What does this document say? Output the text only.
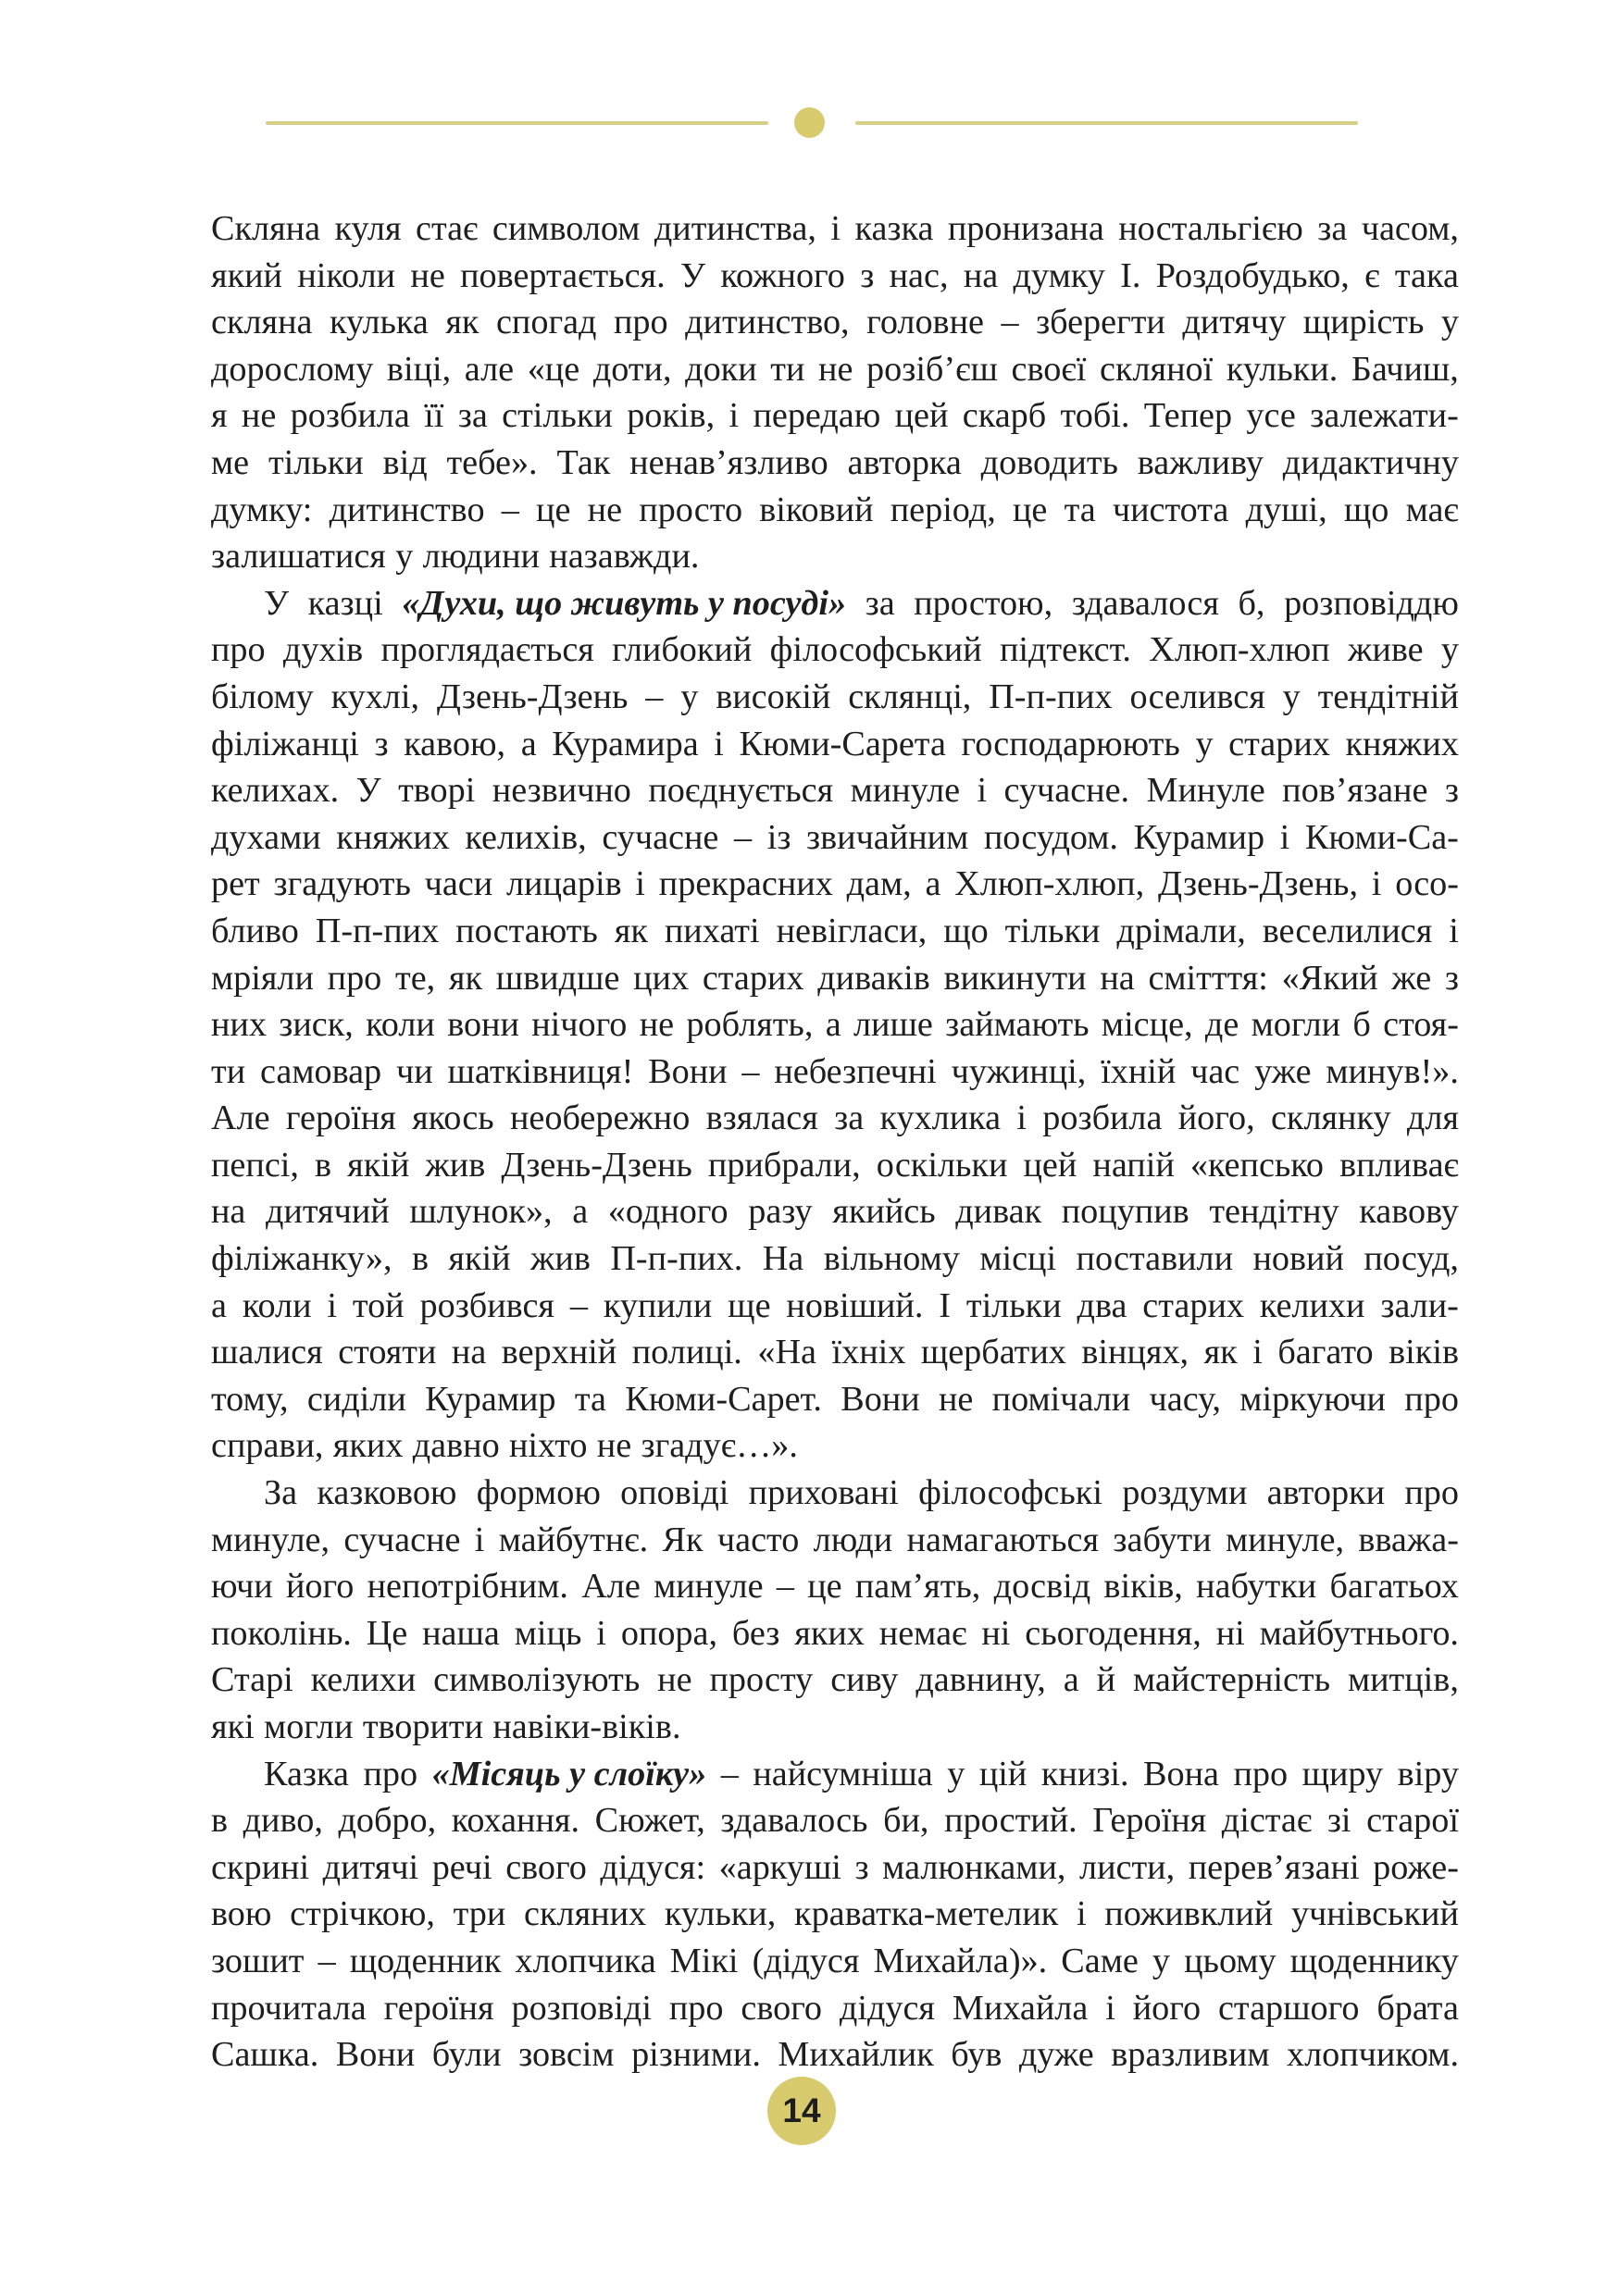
Скляна куля стає символом дитинства, і казка пронизана ностальгією за часом,
який ніколи не повертається. У кожного з нас, на думку І. Роздобудько, є така
скляна кулька як спогад про дитинство, головне – зберегти дитячу щирість у
дорослому віці, але «це доти, доки ти не розіб’єш своєї скляної кульки. Бачиш,
я не розбила її за стільки років, і передаю цей скарб тобі. Тепер усе залежати-
ме тільки від тебе». Так ненав’язливо авторка доводить важливу дидактичну
думку: дитинство – це не просто віковий період, це та чистота душі, що має
залишатися у людини назавжди.
У казці «Духи, що живуть у посуді» за простою, здавалося б, розповіддю
про духів проглядається глибокий філософський підтекст. Хлюп-хлюп живе у
білому кухлі, Дзень-Дзень – у високій склянці, П-п-пих оселився у тендітній
філіжанці з кавою, а Курамира і Кюми-Сарета господарюють у старих княжих
келихах. У творі незвично поєднується минуле і сучасне. Минуле пов’язане з
духами княжих келихів, сучасне – із звичайним посудом. Курамир і Кюми-Са-
рет згадують часи лицарів і прекрасних дам, а Хлюп-хлюп, Дзень-Дзень, і осо-
бливо П-п-пих постають як пихаті невігласи, що тільки дрімали, веселилися і
мріяли про те, як швидше цих старих диваків викинути на смітття: «Який же з
них зиск, коли вони нічого не роблять, а лише займають місце, де могли б стоя-
ти самовар чи шатківниця! Вони – небезпечні чужинці, їхній час уже минув!».
Але героїня якось необережно взялася за кухлика і розбила його, склянку для
пепсі, в якій жив Дзень-Дзень прибрали, оскільки цей напій «кепсько впливає
на дитячий шлунок», а «одного разу якийсь дивак поцупив тендітну кавову
філіжанку», в якій жив П-п-пих. На вільному місці поставили новий посуд,
а коли і той розбився – купили ще новіший. І тільки два старих келихи зали-
шалися стояти на верхній полиці. «На їхніх щербатих вінцях, як і багато віків
тому, сиділи Курамир та Кюми-Сарет. Вони не помічали часу, міркуючи про
справи, яких давно ніхто не згадує…».
За казковою формою оповіді приховані філософські роздуми авторки про
минуле, сучасне і майбутнє. Як часто люди намагаються забути минуле, вважа-
ючи його непотрібним. Але минуле – це пам’ять, досвід віків, набутки багатьох
поколінь. Це наша міць і опора, без яких немає ні сьогодення, ні майбутнього.
Старі келихи символізують не просту сиву давнину, а й майстерність митців,
які могли творити навіки-віків.
Казка про «Місяць у слоїку» – найсумніша у цій книзі. Вона про щиру віру
в диво, добро, кохання. Сюжет, здавалось би, простий. Героїня дістає зі старої
скрині дитячі речі свого дідуся: «аркуші з малюнками, листи, перев’язані роже-
вою стрічкою, три скляних кульки, краватка-метелик і поживклий учнівський
зошит – щоденник хлопчика Мікі (дідуся Михайла)». Саме у цьому щоденнику
прочитала героїня розповіді про свого дідуся Михайла і його старшого брата
Сашка. Вони були зовсім різними. Михайлик був дуже вразливим хлопчиком.
14
